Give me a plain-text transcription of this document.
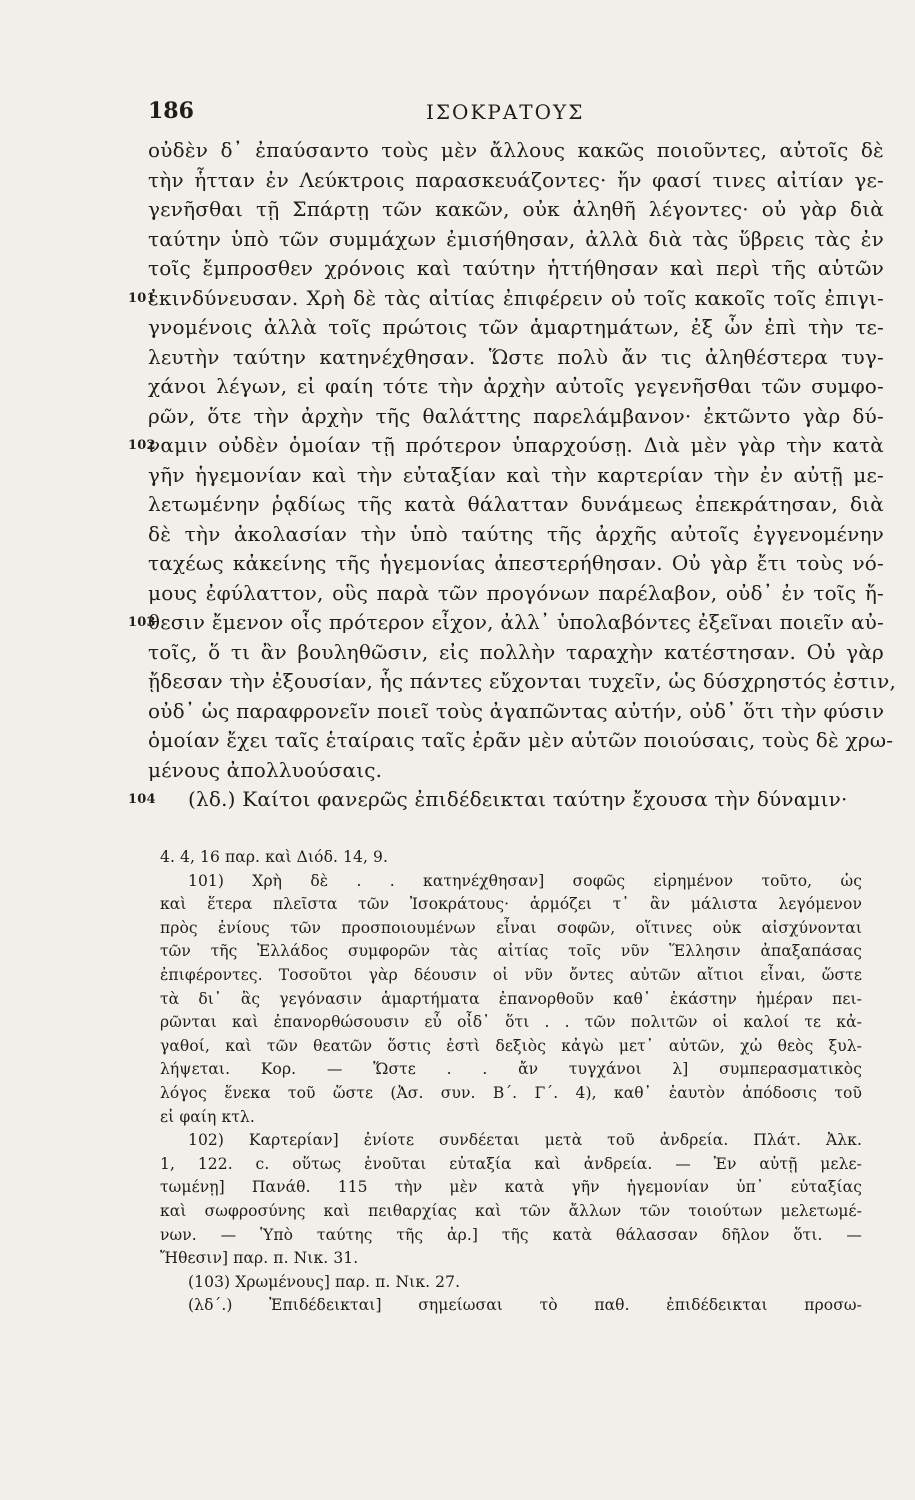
186	ΙΣΟΚΡΑΤΟΥΣ
οὐδὲν δ᾽ ἐπαύσαντο τοὺς μὲν ἄλλους κακῶς ποιοῦντες, αὐτοῖς δὲ
τὴν ἧτταν ἐν Λεύκτροις παρασκευάζοντες· ἥν φασί τινες αἰτίαν γε-
γενῆσθαι τῇ Σπάρτῃ τῶν κακῶν, οὐκ ἀληθῆ λέγοντες· οὐ γὰρ διὰ
ταύτην ὑπὸ τῶν συμμάχων ἐμισήθησαν, ἀλλὰ διὰ τὰς ὕβρεις τὰς ἐν
τοῖς ἔμπροσθεν χρόνοις καὶ ταύτην ἡττήθησαν καὶ περὶ τῆς αὑτῶν
101
ἐκινδύνευσαν. Χρὴ δὲ τὰς αἰτίας ἐπιφέρειν οὐ τοῖς κακοῖς τοῖς ἐπιγι-
γνομένοις ἀλλὰ τοῖς πρώτοις τῶν ἁμαρτημάτων, ἐξ ὧν ἐπὶ τὴν τε-
λευτὴν ταύτην κατηνέχθησαν. Ὥστε πολὺ ἄν τις ἀληθέστερα τυγ-
χάνοι λέγων, εἰ φαίη τότε τὴν ἀρχὴν αὐτοῖς γεγενῆσθαι τῶν συμφο-
ρῶν, ὅτε τὴν ἀρχὴν τῆς θαλάττης παρελάμβανον· ἐκτῶντο γὰρ δύ-
102
ναμιν οὐδὲν ὁμοίαν τῇ πρότερον ὑπαρχούσῃ. Διὰ μὲν γὰρ τὴν κατὰ
γῆν ἡγεμονίαν καὶ τὴν εὐταξίαν καὶ τὴν καρτερίαν τὴν ἐν αὐτῇ με-
λετωμένην ῥᾳδίως τῆς κατὰ θάλατταν δυνάμεως ἐπεκράτησαν, διὰ
δὲ τὴν ἀκολασίαν τὴν ὑπὸ ταύτης τῆς ἀρχῆς αὐτοῖς ἐγγενομένην
ταχέως κἀκείνης τῆς ἡγεμονίας ἀπεστερήθησαν. Οὐ γὰρ ἔτι τοὺς νό-
μους ἐφύλαττον, οὓς παρὰ τῶν προγόνων παρέλαβον, οὐδ᾽ ἐν τοῖς ἤ-
103
θεσιν ἔμενον οἷς πρότερον εἶχον, ἀλλ᾽ ὑπολαβόντες ἐξεῖναι ποιεῖν αὐ-
τοῖς, ὅ τι ἂν βουληθῶσιν, εἰς πολλὴν ταραχὴν κατέστησαν. Οὐ γὰρ
ᾔδεσαν τὴν ἐξουσίαν, ἧς πάντες εὔχονται τυχεῖν, ὡς δύσχρηστός ἐστιν,
οὐδ᾽ ὡς παραφρονεῖν ποιεῖ τοὺς ἀγαπῶντας αὐτήν, οὐδ᾽ ὅτι τὴν φύσιν
ὁμοίαν ἔχει ταῖς ἑταίραις ταῖς ἐρᾶν μὲν αὑτῶν ποιούσαις, τοὺς δὲ χρω-
μένους ἀπολλυούσαις.
104 (λδ.) Καίτοι φανερῶς ἐπιδέδεικται ταύτην ἔχουσα τὴν δύναμιν·
4. 4, 16 παρ. καὶ Διόδ. 14, 9.
101) Χρὴ δὲ . . κατηνέχθησαν] σοφῶς εἰρημένον τοῦτο, ὡς
καὶ ἕτερα πλεῖστα τῶν Ἰσοκράτους· ἁρμόζει τ᾽ ἂν μάλιστα λεγόμενον
πρὸς ἐνίους τῶν προσποιουμένων εἶναι σοφῶν, οἵτινες οὐκ αἰσχύνονται
τῶν τῆς Ἑλλάδος συμφορῶν τὰς αἰτίας τοῖς νῦν Ἕλλησιν ἀπαξαπάσας
ἐπιφέροντες. Τοσοῦτοι γὰρ δέουσιν οἱ νῦν ὄντες αὐτῶν αἴτιοι εἶναι, ὥστε
τὰ δι᾽ ἃς γεγόνασιν ἁμαρτήματα ἐπανορθοῦν καθ᾽ ἑκάστην ἡμέραν πει-
ρῶνται καὶ ἐπανορθώσουσιν εὖ οἶδ᾽ ὅτι . . τῶν πολιτῶν οἱ καλοί τε κἀ-
γαθοί, καὶ τῶν θεατῶν ὅστις ἐστὶ δεξιὸς κἀγὼ μετ᾽ αὐτῶν, χὠ θεὸς ξυλ-
λήψεται. Κορ. — Ὥστε . . ἄν τυγχάνοι λ] συμπερασματικὸς
λόγος ἕνεκα τοῦ ὥστε (Ἀσ. συν. Β΄. Γ΄. 4), καθ᾽ ἑαυτὸν ἀπόδοσις τοῦ
εἰ φαίη κτλ.
102) Καρτερίαν] ἐνίοτε συνδέεται μετὰ τοῦ ἀνδρεία. Πλάτ. Ἀλκ.
1, 122. c. οὕτως ἑνοῦται εὐταξία καὶ ἀνδρεία. — Ἐν αὐτῇ μελε-
τωμένῃ] Πανάθ. 115 τὴν μὲν κατὰ γῆν ἡγεμονίαν ὑπ᾽ εὐταξίας
καὶ σωφροσύνης καὶ πειθαρχίας καὶ τῶν ἄλλων τῶν τοιούτων μελετωμέ-
νων. — Ὑπὸ ταύτης τῆς ἀρ.] τῆς κατὰ θάλασσαν δῆλον ὅτι. —
Ἤθεσιν] παρ. π. Νικ. 31.
(103) Χρωμένους] παρ. π. Νικ. 27.
(λδ΄.) Ἐπιδέδεικται] σημείωσαι τὸ παθ. ἐπιδέδεικται προσω-
